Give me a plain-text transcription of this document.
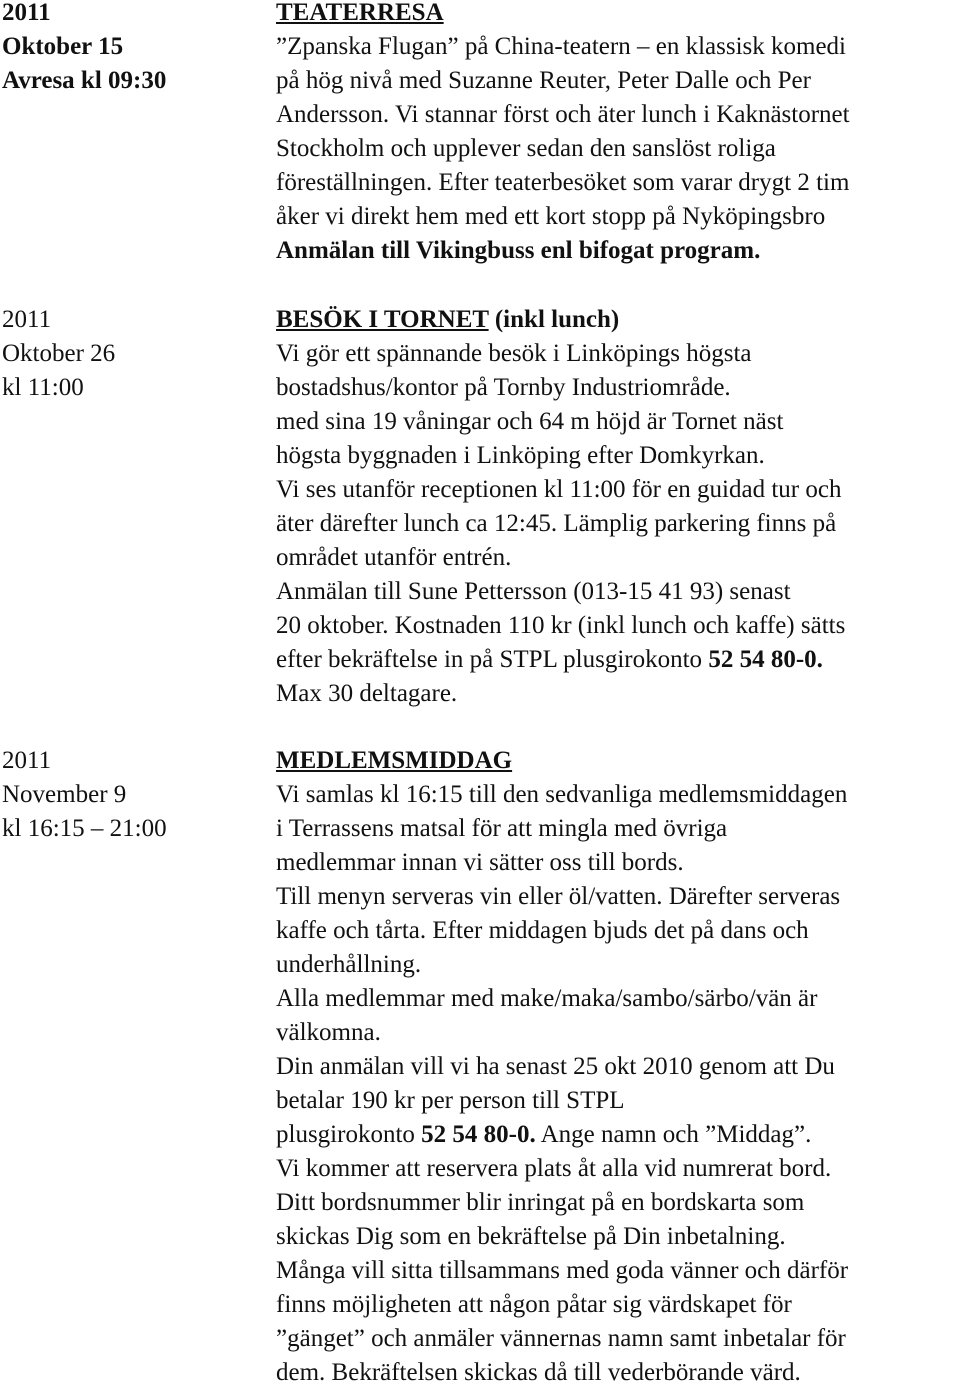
2011
Oktober 15
Avresa kl 09:30
TEATERRESA
”Zpanska Flugan” på China-teatern – en klassisk komedi
på hög nivå med Suzanne Reuter, Peter Dalle och Per
Andersson. Vi stannar först och äter lunch i Kaknästornet
Stockholm och upplever sedan den sanslöst roliga
föreställningen. Efter teaterbesöket som varar drygt 2 tim
åker vi direkt hem med ett kort stopp på Nyköpingsbro
Anmälan till Vikingbuss enl bifogat program.
2011
Oktober 26
kl 11:00
BESÖK I TORNET (inkl lunch)
Vi gör ett spännande besök i Linköpings högsta
bostadshus/kontor på Tornby Industriområde.
med sina 19 våningar och 64 m höjd är Tornet näst
högsta byggnaden i Linköping efter Domkyrkan.
Vi ses utanför receptionen kl 11:00 för en guidad tur och
äter därefter lunch ca 12:45. Lämplig parkering finns på
området utanför entrén.
Anmälan till Sune Pettersson (013-15 41 93) senast
20 oktober. Kostnaden 110 kr (inkl lunch och kaffe) sätts
efter bekräftelse in på STPL plusgirokonto 52 54 80-0.
Max 30 deltagare.
2011
November 9
kl 16:15 – 21:00
MEDLEMSMIDDAG
Vi samlas kl 16:15 till den sedvanliga medlemsmiddagen
i Terrassens matsal för att mingla med övriga
medlemmar innan vi sätter oss till bords.
Till menyn serveras vin eller öl/vatten. Därefter serveras
kaffe och tårta. Efter middagen bjuds det på dans och
underhållning.
Alla medlemmar med make/maka/sambo/särbo/vän är
välkomna.
Din anmälan vill vi ha senast 25 okt 2010 genom att Du
betalar 190 kr per person till STPL
plusgirokonto 52 54 80-0. Ange namn och ”Middag”.
Vi kommer att reservera plats åt alla vid numrerat bord.
Ditt bordsnummer blir inringat på en bordskarta som
skickas Dig som en bekräftelse på Din inbetalning.
Många vill sitta tillsammans med goda vänner och därför
finns möjligheten att någon påtar sig värdskapet för
”gänget” och anmäler vännernas namn samt inbetalar för
dem. Bekräftelsen skickas då till vederbörande värd.
